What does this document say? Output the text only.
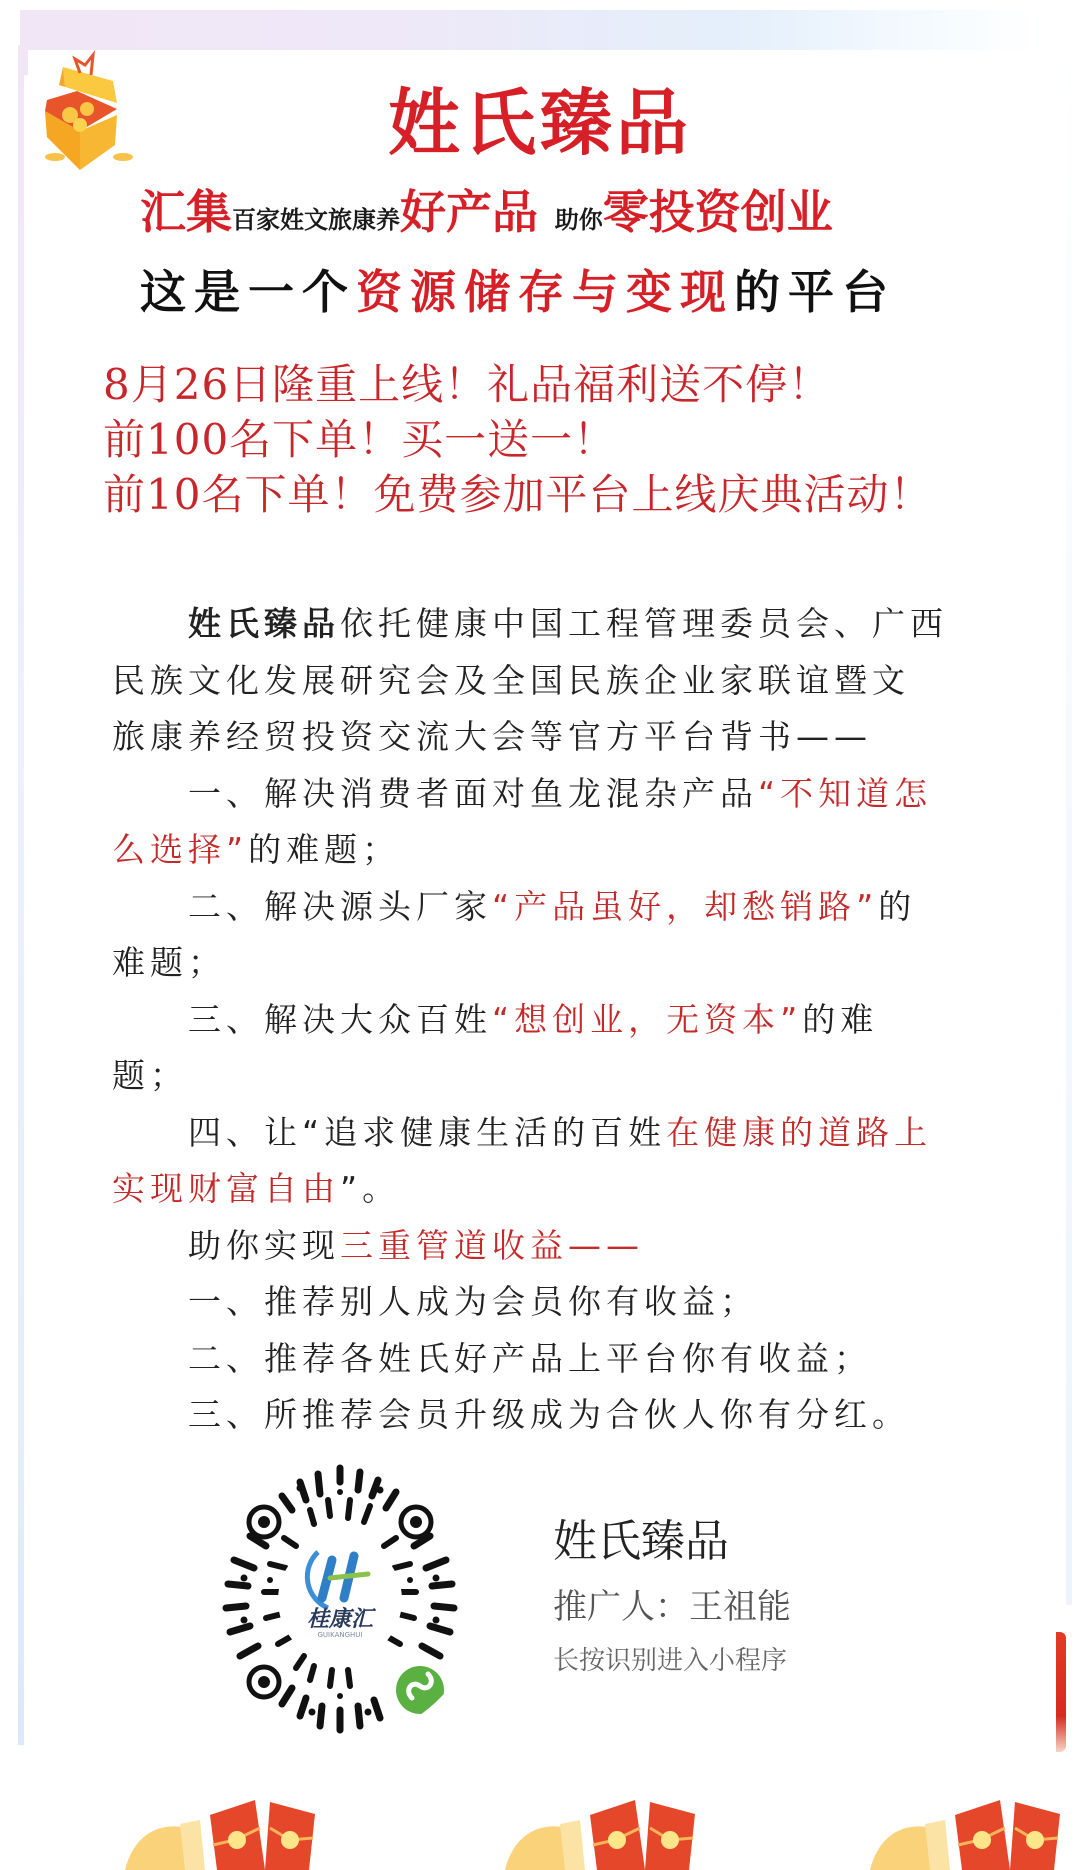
姓氏臻品
汇集百家姓文旅康养好产品  助你零投资创业
这是一个资源储存与变现的平台
8月26日隆重上线！礼品福利送不停！
前100名下单！买一送一！
前10名下单！免费参加平台上线庆典活动！
姓氏臻品依托健康中国工程管理委员会、广西
民族文化发展研究会及全国民族企业家联谊暨文
旅康养经贸投资交流大会等官方平台背书——
一、解决消费者面对鱼龙混杂产品“不知道怎
么选择”的难题；
二、解决源头厂家“产品虽好，却愁销路”的
难题；
三、解决大众百姓“想创业，无资本”的难
题；
四、让“追求健康生活的百姓在健康的道路上
实现财富自由”。
助你实现三重管道收益——
一、推荐别人成为会员你有收益；
二、推荐各姓氏好产品上平台你有收益；
三、所推荐会员升级成为合伙人你有分红。
桂康汇
GUIKANGHUI
姓氏臻品
推广人：王祖能
长按识别进入小程序
